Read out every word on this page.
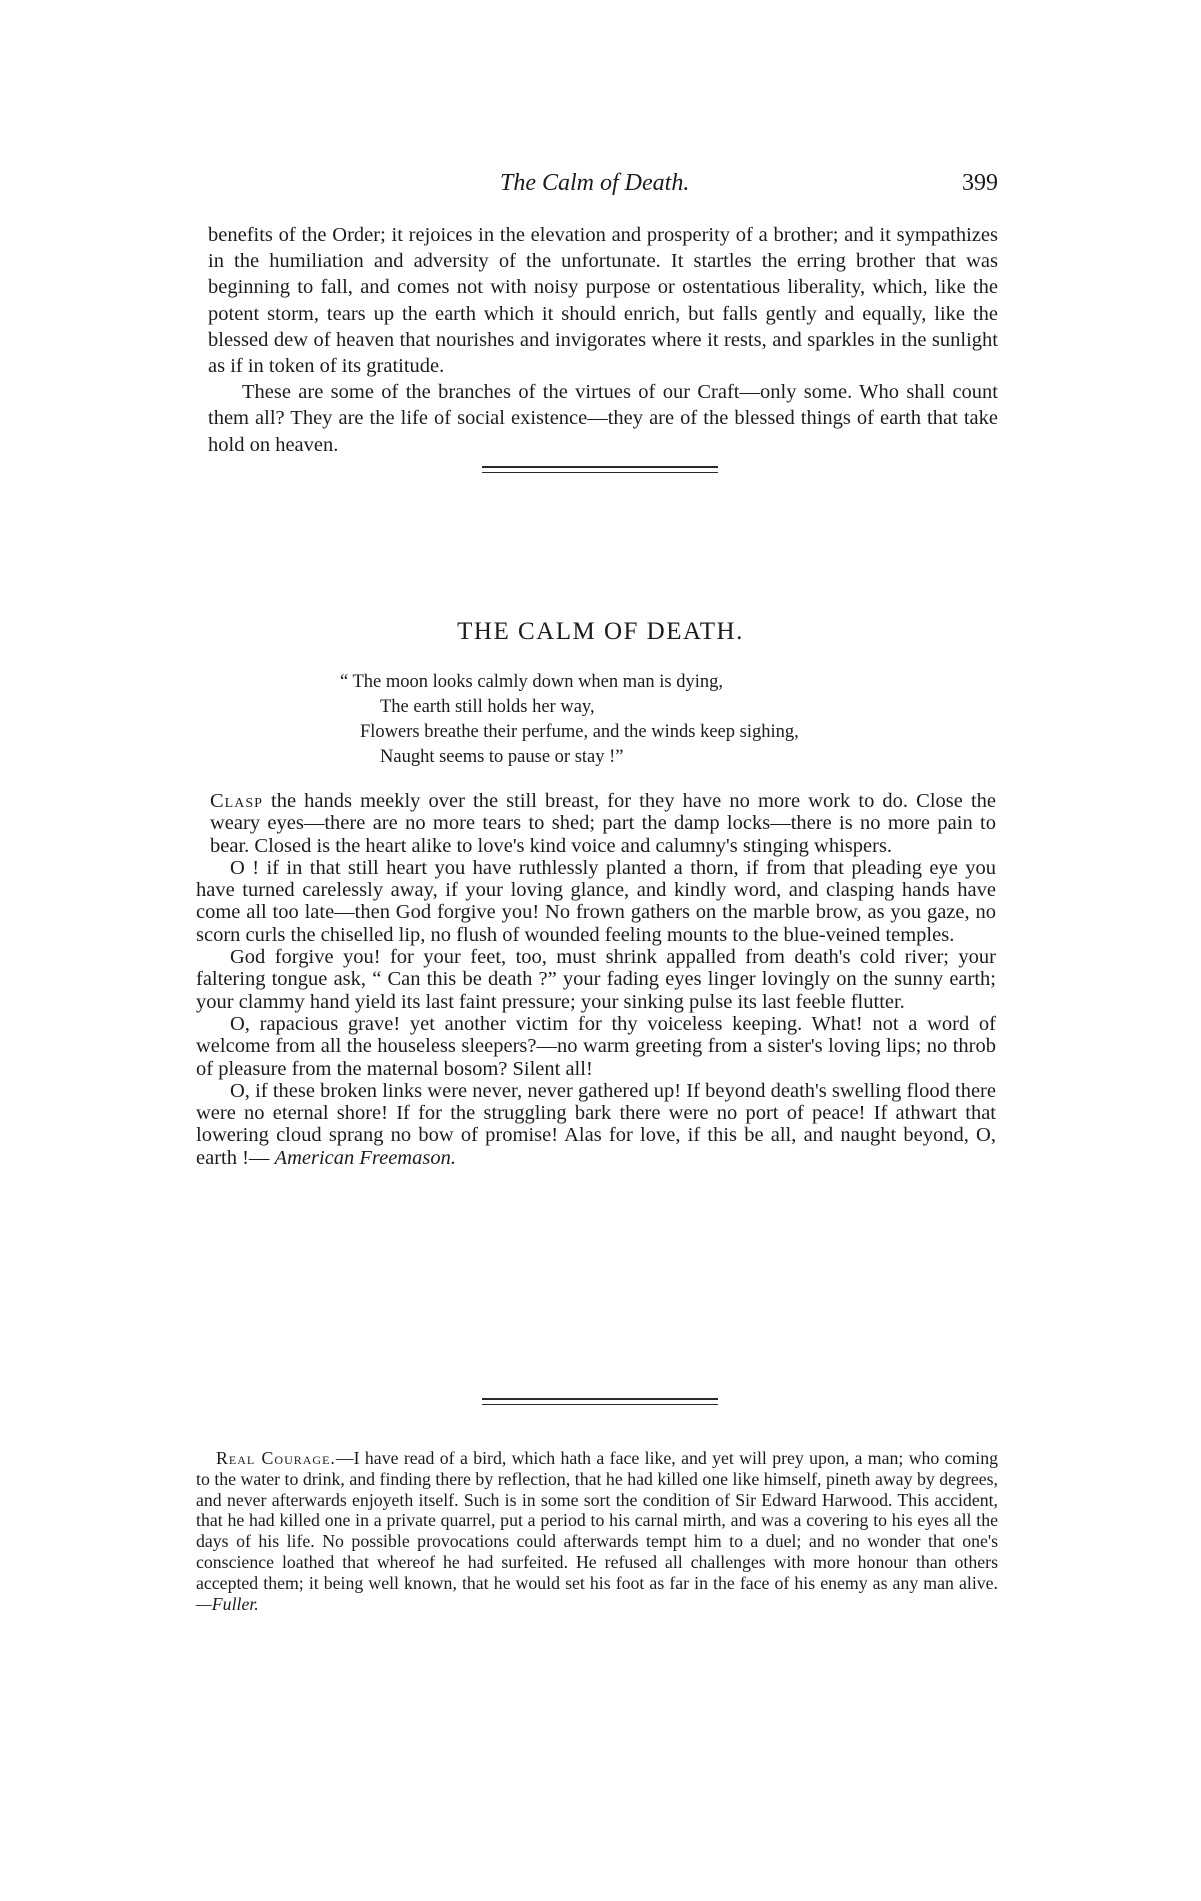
The Calm of Death.	399

benefits of the Order; it rejoices in the elevation and prosperity of a brother; and it sympathizes in the humiliation and adversity of the unfortunate. It startles the erring brother that was beginning to fall, and comes not with noisy purpose or ostentatious liberality, which, like the potent storm, tears up the earth which it should enrich, but falls gently and equally, like the blessed dew of heaven that nourishes and invigorates where it rests, and sparkles in the sunlight as if in token of its gratitude.

These are some of the branches of the virtues of our Craft—only some. Who shall count them all? They are the life of social existence—they are of the blessed things of earth that take hold on heaven.

THE CALM OF DEATH.
“ The moon looks calmly down when man is dying,
The earth still holds her way,
Flowers breathe their perfume, and the winds keep sighing,
Naught seems to pause or stay !”

Clasp the hands meekly over the still breast, for they have no more work to do. Close the weary eyes—there are no more tears to shed; part the damp locks—there is no more pain to bear. Closed is the heart alike to love's kind voice and calumny's stinging whispers.

O ! if in that still heart you have ruthlessly planted a thorn, if from that pleading eye you have turned carelessly away, if your loving glance, and kindly word, and clasping hands have come all too late—then God forgive you! No frown gathers on the marble brow, as you gaze, no scorn curls the chiselled lip, no flush of wounded feeling mounts to the blue-veined temples.

God forgive you! for your feet, too, must shrink appalled from death's cold river; your faltering tongue ask, “ Can this be death ?” your fading eyes linger lovingly on the sunny earth; your clammy hand yield its last faint pressure; your sinking pulse its last feeble flutter.

O, rapacious grave! yet another victim for thy voiceless keeping. What! not a word of welcome from all the houseless sleepers?—no warm greeting from a sister's loving lips; no throb of pleasure from the maternal bosom? Silent all!

O, if these broken links were never, never gathered up! If beyond death's swelling flood there were no eternal shore! If for the struggling bark there were no port of peace! If athwart that lowering cloud sprang no bow of promise! Alas for love, if this be all, and naught beyond, O, earth !— American Freemason.

Real Courage.—I have read of a bird, which hath a face like, and yet will prey upon, a man; who coming to the water to drink, and finding there by reflection, that he had killed one like himself, pineth away by degrees, and never afterwards enjoyeth itself. Such is in some sort the condition of Sir Edward Harwood. This accident, that he had killed one in a private quarrel, put a period to his carnal mirth, and was a covering to his eyes all the days of his life. No possible provocations could afterwards tempt him to a duel; and no wonder that one's conscience loathed that whereof he had surfeited. He refused all challenges with more honour than others accepted them; it being well known, that he would set his foot as far in the face of his enemy as any man alive.—Fuller.
